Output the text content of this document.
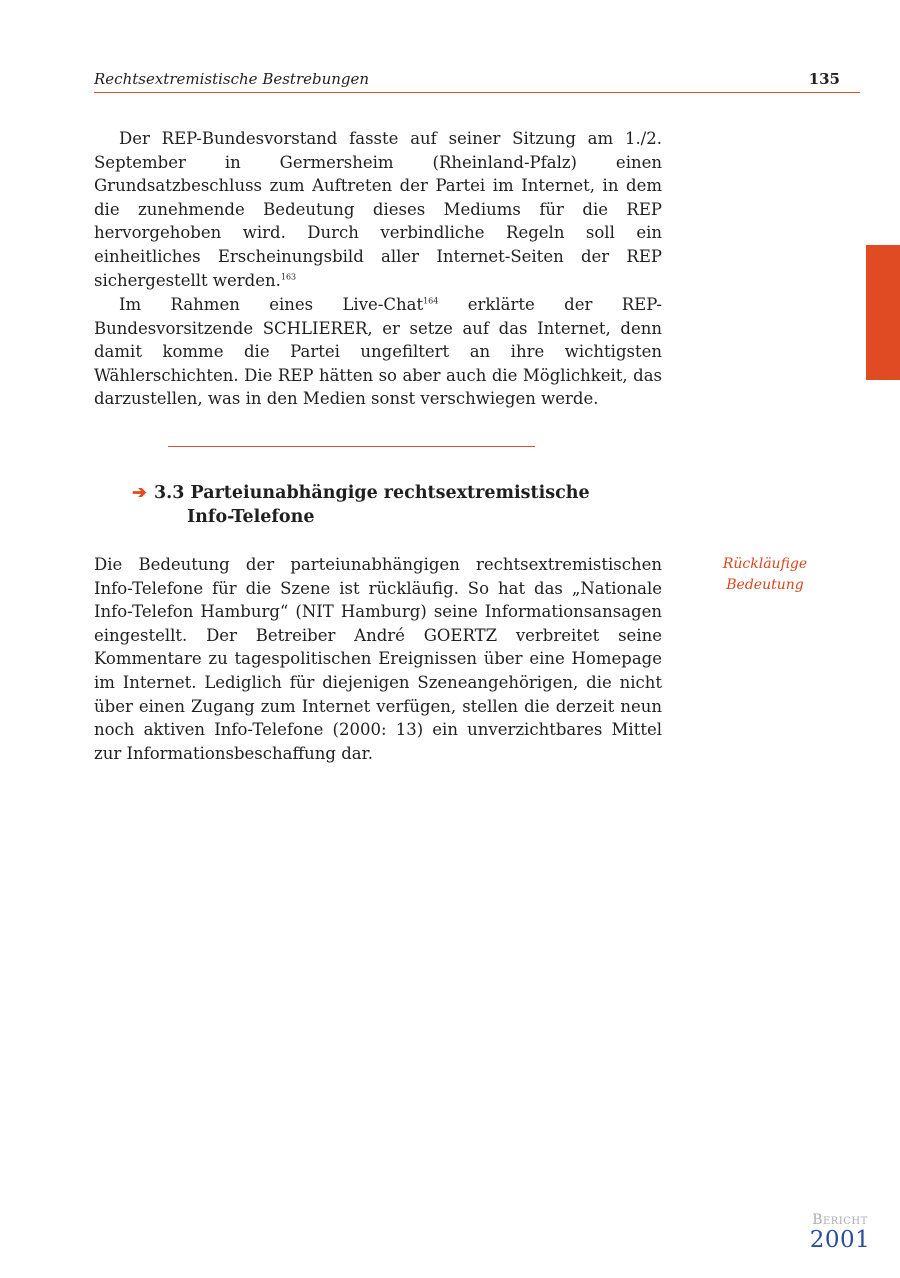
Rechtsextremistische Bestrebungen	135

Der REP-Bundesvorstand fasste auf seiner Sitzung am 1./2. September in Germersheim (Rheinland-Pfalz) einen Grundsatzbeschluss zum Auftreten der Partei im Internet, in dem die zunehmende Bedeutung dieses Mediums für die REP hervorgehoben wird. Durch verbindliche Regeln soll ein einheitliches Erscheinungsbild aller Internet-Seiten der REP sichergestellt werden.$^{163}$

Im Rahmen eines Live-Chat$^{164}$ erklärte der REP-Bundesvorsitzende SCHLIERER, er setze auf das Internet, denn damit komme die Partei ungefiltert an ihre wichtigsten Wählerschichten. Die REP hätten so aber auch die Möglichkeit, das darzustellen, was in den Medien sonst verschwiegen werde.

➔ 3.3 Parteiunabhängige rechtsextremistische
Info-Telefone

Die Bedeutung der parteiunabhängigen rechtsextremistischen Info-Telefone für die Szene ist rückläufig. So hat das „Nationale Info-Telefon Hamburg“ (NIT Hamburg) seine Informationsansagen eingestellt. Der Betreiber André GOERTZ verbreitet seine Kommentare zu tagespolitischen Ereignissen über eine Homepage im Internet. Lediglich für diejenigen Szeneangehörigen, die nicht über einen Zugang zum Internet verfügen, stellen die derzeit neun noch aktiven Info-Telefone (2000: 13) ein unverzichtbares Mittel zur Informationsbeschaffung dar.

Rückläufige
Bedeutung
Bericht
2001
